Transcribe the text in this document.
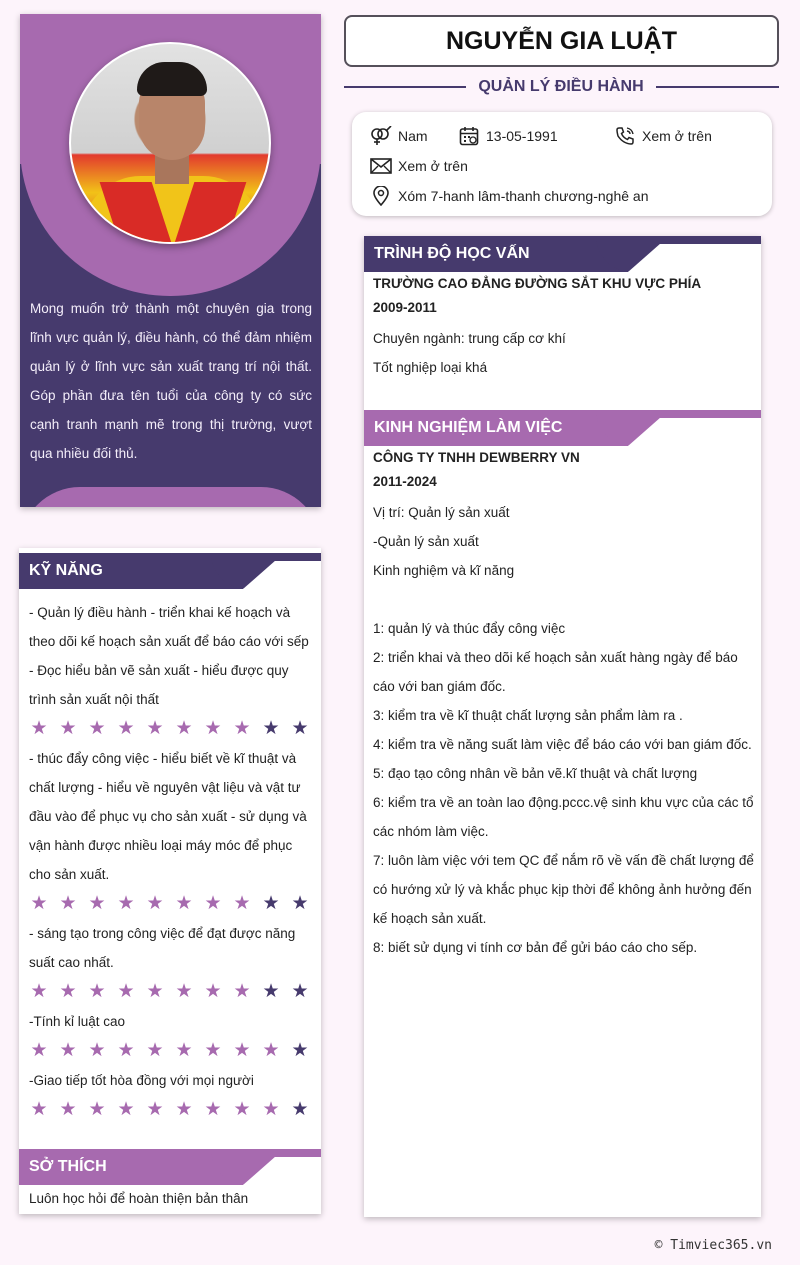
Mong muốn trở thành một chuyên gia trong lĩnh vực quản lý, điều hành, có thể đảm nhiệm quản lý ở lĩnh vực sản xuất trang trí nội thất. Góp phần đưa tên tuổi của công ty có sức cạnh tranh mạnh mẽ trong thị trường, vượt qua nhiều đối thủ.

KỸ NĂNG

- Quản lý điều hành - triển khai kế hoạch và theo dõi kế hoạch sản xuất để báo cáo với sếp - Đọc hiểu bản vẽ sản xuất - hiểu được quy trình sản xuất nội thất

★ ★ ★ ★ ★ ★ ★ ★ ★ ★

- thúc đẩy công việc - hiểu biết về kĩ thuật và chất lượng - hiểu về nguyên vật liệu và vật tư đầu vào để phục vụ cho sản xuất - sử dụng và vận hành được nhiều loại máy móc để phục cho sản xuất.

★ ★ ★ ★ ★ ★ ★ ★ ★ ★

- sáng tạo trong công việc để đạt được năng suất cao nhất.

★ ★ ★ ★ ★ ★ ★ ★ ★ ★

-Tính kỉ luật cao

★ ★ ★ ★ ★ ★ ★ ★ ★ ★

-Giao tiếp tốt hòa đồng với mọi người

★ ★ ★ ★ ★ ★ ★ ★ ★ ★
SỞ THÍCH

Luôn học hỏi để hoàn thiện bản thân

NGUYỄN GIA LUẬT
QUẢN LÝ ĐIỀU HÀNH
Nam	13-05-1991	Xem ở trên
Xem ở trên
Xóm 7-hanh lâm-thanh chương-nghê an
TRÌNH ĐỘ HỌC VẤN
TRƯỜNG CAO ĐẲNG ĐƯỜNG SẮT KHU VỰC PHÍA
2009-2011
Chuyên ngành: trung cấp cơ khí
Tốt nghiệp loại khá
KINH NGHIỆM LÀM VIỆC
CÔNG TY TNHH DEWBERRY VN
2011-2024
Vị trí: Quản lý sản xuất
-Quản lý sản xuất
Kinh nghiệm và kĩ năng
1: quản lý và thúc đẩy công việc
2: triển khai và theo dõi kế hoạch sản xuất hàng ngày để báo cáo với ban giám đốc.
3: kiểm tra về kĩ thuật chất lượng sản phẩm làm ra .
4: kiểm tra về năng suất làm việc để báo cáo với ban giám đốc.
5: đạo tạo công nhân về bản vẽ.kĩ thuật và chất lượng
6: kiểm tra về an toàn lao động.pccc.vệ sinh khu vực của các tổ các nhóm làm việc.
7: luôn làm việc với tem QC để nắm rõ về vấn đề chất lượng để có hướng xử lý và khắc phục kịp thời để không ảnh hưởng đến kế hoạch sản xuất.
8: biết sử dụng vi tính cơ bản để gửi báo cáo cho sếp.
© Timviec365.vn
